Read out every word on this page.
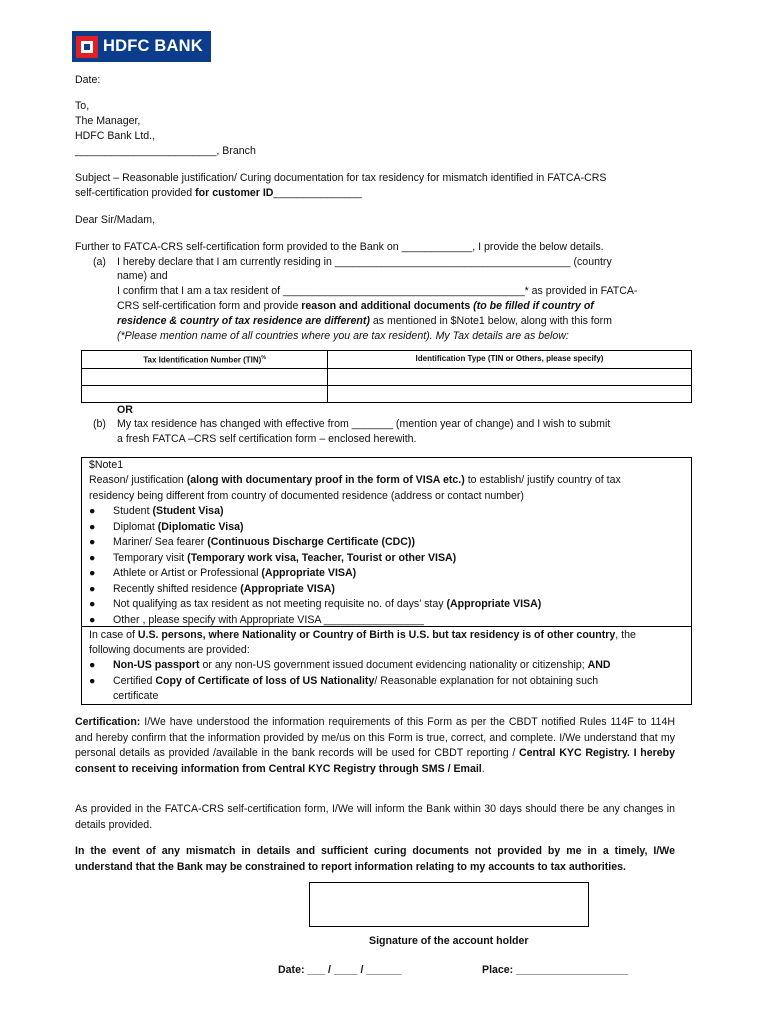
HDFC BANK
Date:
To,
The Manager,
HDFC Bank Ltd.,
________________________, Branch
Subject – Reasonable justification/ Curing documentation for tax residency for mismatch identified in FATCA-CRS
self-certification provided for customer ID_______________
Dear Sir/Madam,
Further to FATCA-CRS self-certification form provided to the Bank on ____________, I provide the below details.
(a) I hereby declare that I am currently residing in ________________________________________ (country
name) and
I confirm that I am a tax resident of _________________________________________* as provided in FATCA-
CRS self-certification form and provide reason and additional documents (to be filled if country of
residence & country of tax residence are different) as mentioned in $Note1 below, along with this form
(*Please mention name of all countries where you are tax resident). My Tax details are as below:
Tax Identification Number (TIN)%	Identification Type (TIN or Others, please specify)

OR
(b) My tax residence has changed with effective from _______ (mention year of change) and I wish to submit
a fresh FATCA –CRS self certification form – enclosed herewith.
$Note1
Reason/ justification (along with documentary proof in the form of VISA etc.) to establish/ justify country of tax
residency being different from country of documented residence (address or contact number)
● Student (Student Visa)
● Diplomat (Diplomatic Visa)
● Mariner/ Sea fearer (Continuous Discharge Certificate (CDC))
● Temporary visit (Temporary work visa, Teacher, Tourist or other VISA)
● Athlete or Artist or Professional (Appropriate VISA)
● Recently shifted residence (Appropriate VISA)
● Not qualifying as tax resident as not meeting requisite no. of days’ stay (Appropriate VISA)
● Other , please specify with Appropriate VISA _________________
In case of U.S. persons, where Nationality or Country of Birth is U.S. but tax residency is of other country, the
following documents are provided:
● Non-US passport or any non-US government issued document evidencing nationality or citizenship; AND
● Certified Copy of Certificate of loss of US Nationality/ Reasonable explanation for not obtaining such
certificate
Certification: I/We have understood the information requirements of this Form as per the CBDT notified Rules 114F to 114H and hereby confirm that the information provided by me/us on this Form is true, correct, and complete. I/We understand that my personal details as provided /available in the bank records will be used for CBDT reporting / Central KYC Registry. I hereby consent to receiving information from Central KYC Registry through SMS / Email.
As provided in the FATCA-CRS self-certification form, I/We will inform the Bank within 30 days should there be any changes in details provided.
In the event of any mismatch in details and sufficient curing documents not provided by me in a timely, I/We understand that the Bank may be constrained to report information relating to my accounts to tax authorities.
Signature of the account holder
Date: ___ / ____ / ______	Place: ___________________
